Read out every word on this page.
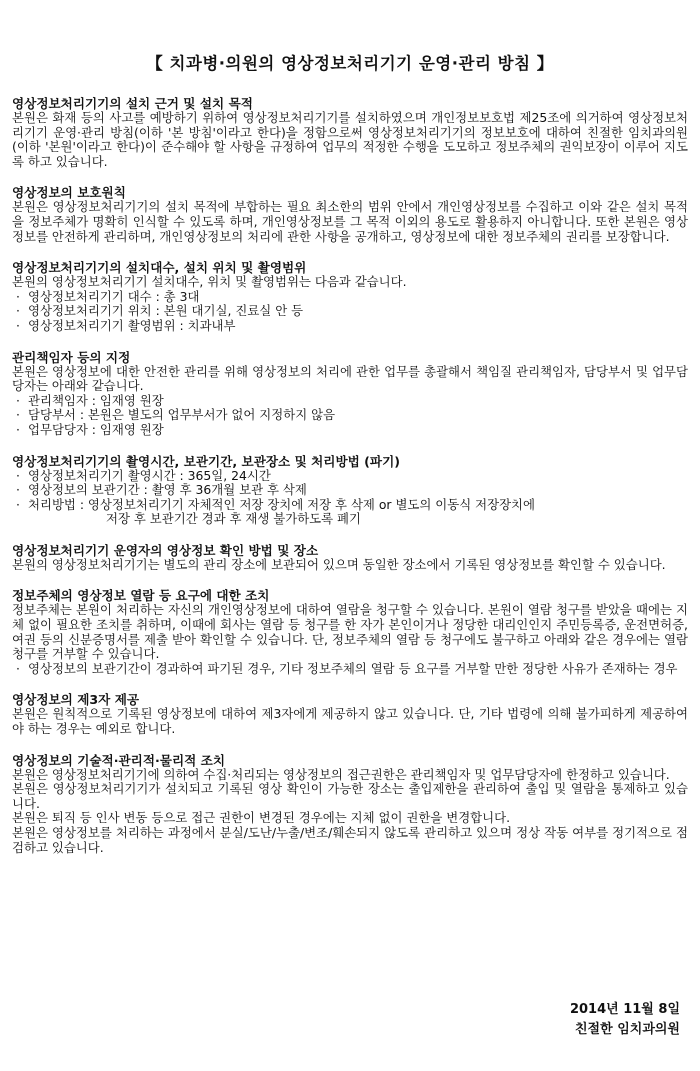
【 치과병·의원의 영상정보처리기기 운영·관리 방침 】

영상정보처리기기의 설치 근거 및 설치 목적

본원은 화재 등의 사고를 예방하기 위하여 영상정보처리기기를 설치하였으며 개인정보보호법 제25조에 의거하여 영상정보처리기기 운영·관리 방침(이하 '본 방침'이라고 한다)을 정함으로써 영상정보처리기기의 정보보호에 대하여 친절한 임치과의원(이하 '본원'이라고 한다)이 준수해야 할 사항을 규정하여 업무의 적정한 수행을 도모하고 정보주체의 권익보장이 이루어 지도록 하고 있습니다.

영상정보의 보호원칙

본원은 영상정보처리기기의 설치 목적에 부합하는 필요 최소한의 범위 안에서 개인영상정보를 수집하고 이와 같은 설치 목적을 정보주체가 명확히 인식할 수 있도록 하며, 개인영상정보를 그 목적 이외의 용도로 활용하지 아니합니다. 또한 본원은 영상정보를 안전하게 관리하며, 개인영상정보의 처리에 관한 사항을 공개하고, 영상정보에 대한 정보주체의 권리를 보장합니다.

영상정보처리기기의 설치대수, 설치 위치 및 촬영범위

본원의 영상정보처리기기 설치대수, 위치 및 촬영범위는 다음과 같습니다.

· 영상정보처리기기 대수 : 총 3대

· 영상정보처리기기 위치 : 본원 대기실, 진료실 안 등

· 영상정보처리기기 촬영범위 : 치과내부

관리책임자 등의 지정

본원은 영상정보에 대한 안전한 관리를 위해 영상정보의 처리에 관한 업무를 총괄해서 책임질 관리책임자, 담당부서 및 업무담당자는 아래와 같습니다.

· 관리책임자 : 임재영 원장

· 담당부서 : 본원은 별도의 업무부서가 없어 지정하지 않음

· 업무담당자 : 임재영 원장

영상정보처리기기의 촬영시간, 보관기간, 보관장소 및 처리방법 (파기)

· 영상정보처리기기 촬영시간 : 365일, 24시간

· 영상정보의 보관기간 : 촬영 후 36개월 보관 후 삭제

· 처리방법 : 영상정보처리기기 자체적인 저장 장치에 저장 후 삭제 or 별도의 이동식 저장장치에

저장 후 보관기간 경과 후 재생 불가하도록 폐기

영상정보처리기기 운영자의 영상정보 확인 방법 및 장소

본원의 영상정보처리기기는 별도의 관리 장소에 보관되어 있으며 동일한 장소에서 기록된 영상정보를 확인할 수 있습니다.

정보주체의 영상정보 열람 등 요구에 대한 조치

정보주체는 본원이 처리하는 자신의 개인영상정보에 대하여 열람을 청구할 수 있습니다. 본원이 열람 청구를 받았을 때에는 지체 없이 필요한 조치를 취하며, 이때에 회사는 열람 등 청구를 한 자가 본인이거나 정당한 대리인인지 주민등록증, 운전면허증, 여권 등의 신분증명서를 제출 받아 확인할 수 있습니다. 단, 정보주체의 열람 등 청구에도 불구하고 아래와 같은 경우에는 열람 청구를 거부할 수 있습니다.

· 영상정보의 보관기간이 경과하여 파기된 경우, 기타 정보주체의 열람 등 요구를 거부할 만한 정당한 사유가 존재하는 경우

영상정보의 제3자 제공

본원은 원칙적으로 기록된 영상정보에 대하여 제3자에게 제공하지 않고 있습니다. 단, 기타 법령에 의해 불가피하게 제공하여야 하는 경우는 예외로 합니다.

영상정보의 기술적·관리적·물리적 조치

본원은 영상정보처리기기에 의하여 수집·처리되는 영상정보의 접근권한은 관리책임자 및 업무담당자에 한정하고 있습니다.

본원은 영상정보처리기기가 설치되고 기록된 영상 확인이 가능한 장소는 출입제한을 관리하여 출입 및 열람을 통제하고 있습니다.

본원은 퇴직 등 인사 변동 등으로 접근 권한이 변경된 경우에는 지체 없이 권한을 변경합니다.

본원은 영상정보를 처리하는 과정에서 분실/도난/누출/변조/훼손되지 않도록 관리하고 있으며 정상 작동 여부를 정기적으로 점검하고 있습니다.

2014년 11월 8일
친절한 임치과의원
